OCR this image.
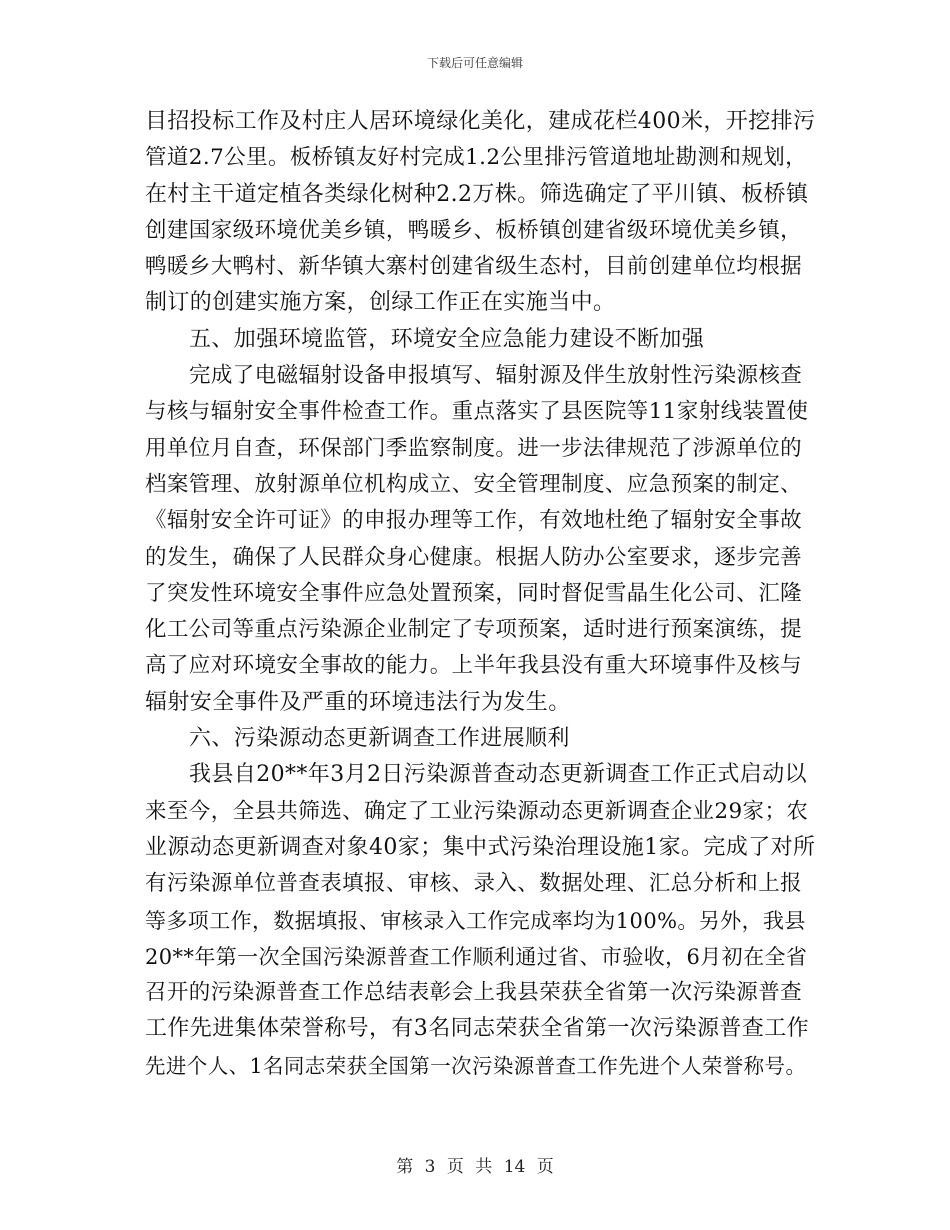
下载后可任意编辑
目招投标工作及村庄人居环境绿化美化，建成花栏400米，开挖排污
管道2.7公里。板桥镇友好村完成1.2公里排污管道地址勘测和规划，
在村主干道定植各类绿化树种2.2万株。筛选确定了平川镇、板桥镇
创建国家级环境优美乡镇，鸭暖乡、板桥镇创建省级环境优美乡镇，
鸭暖乡大鸭村、新华镇大寨村创建省级生态村，目前创建单位均根据
制订的创建实施方案，创绿工作正在实施当中。
五、加强环境监管，环境安全应急能力建设不断加强
完成了电磁辐射设备申报填写、辐射源及伴生放射性污染源核查
与核与辐射安全事件检查工作。重点落实了县医院等11家射线装置使
用单位月自查，环保部门季监察制度。进一步法律规范了涉源单位的
档案管理、放射源单位机构成立、安全管理制度、应急预案的制定、
《辐射安全许可证》的申报办理等工作，有效地杜绝了辐射安全事故
的发生，确保了人民群众身心健康。根据人防办公室要求，逐步完善
了突发性环境安全事件应急处置预案，同时督促雪晶生化公司、汇隆
化工公司等重点污染源企业制定了专项预案，适时进行预案演练，提
高了应对环境安全事故的能力。上半年我县没有重大环境事件及核与
辐射安全事件及严重的环境违法行为发生。
六、污染源动态更新调查工作进展顺利
我县自20**年3月2日污染源普查动态更新调查工作正式启动以
来至今，全县共筛选、确定了工业污染源动态更新调查企业29家；农
业源动态更新调查对象40家；集中式污染治理设施1家。完成了对所
有污染源单位普查表填报、审核、录入、数据处理、汇总分析和上报
等多项工作，数据填报、审核录入工作完成率均为100%。另外，我县
20**年第一次全国污染源普查工作顺利通过省、市验收，6月初在全省
召开的污染源普查工作总结表彰会上我县荣获全省第一次污染源普查
工作先进集体荣誉称号，有3名同志荣获全省第一次污染源普查工作
先进个人、1名同志荣获全国第一次污染源普查工作先进个人荣誉称号。
第 3 页 共 14 页
